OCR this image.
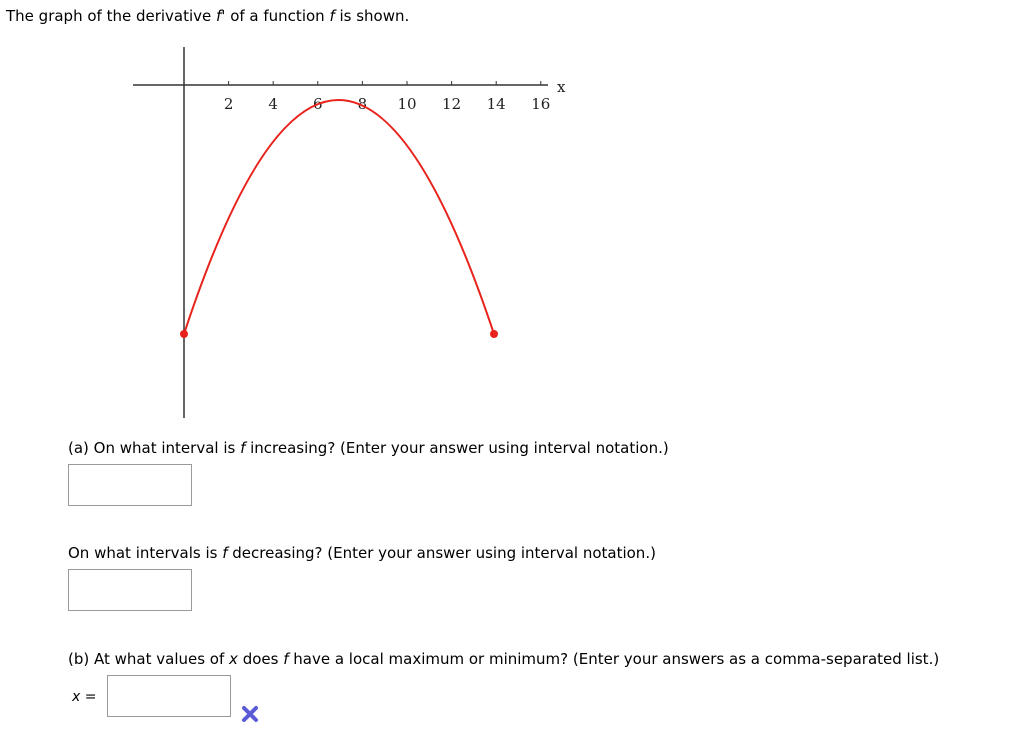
The graph of the derivative f' of a function f is shown.
2 4 6 8 10 12 14 16
x
(a) On what interval is f increasing? (Enter your answer using interval notation.)
On what intervals is f decreasing? (Enter your answer using interval notation.)
(b) At what values of x does f have a local maximum or minimum? (Enter your answers as a comma-separated list.)
x =
